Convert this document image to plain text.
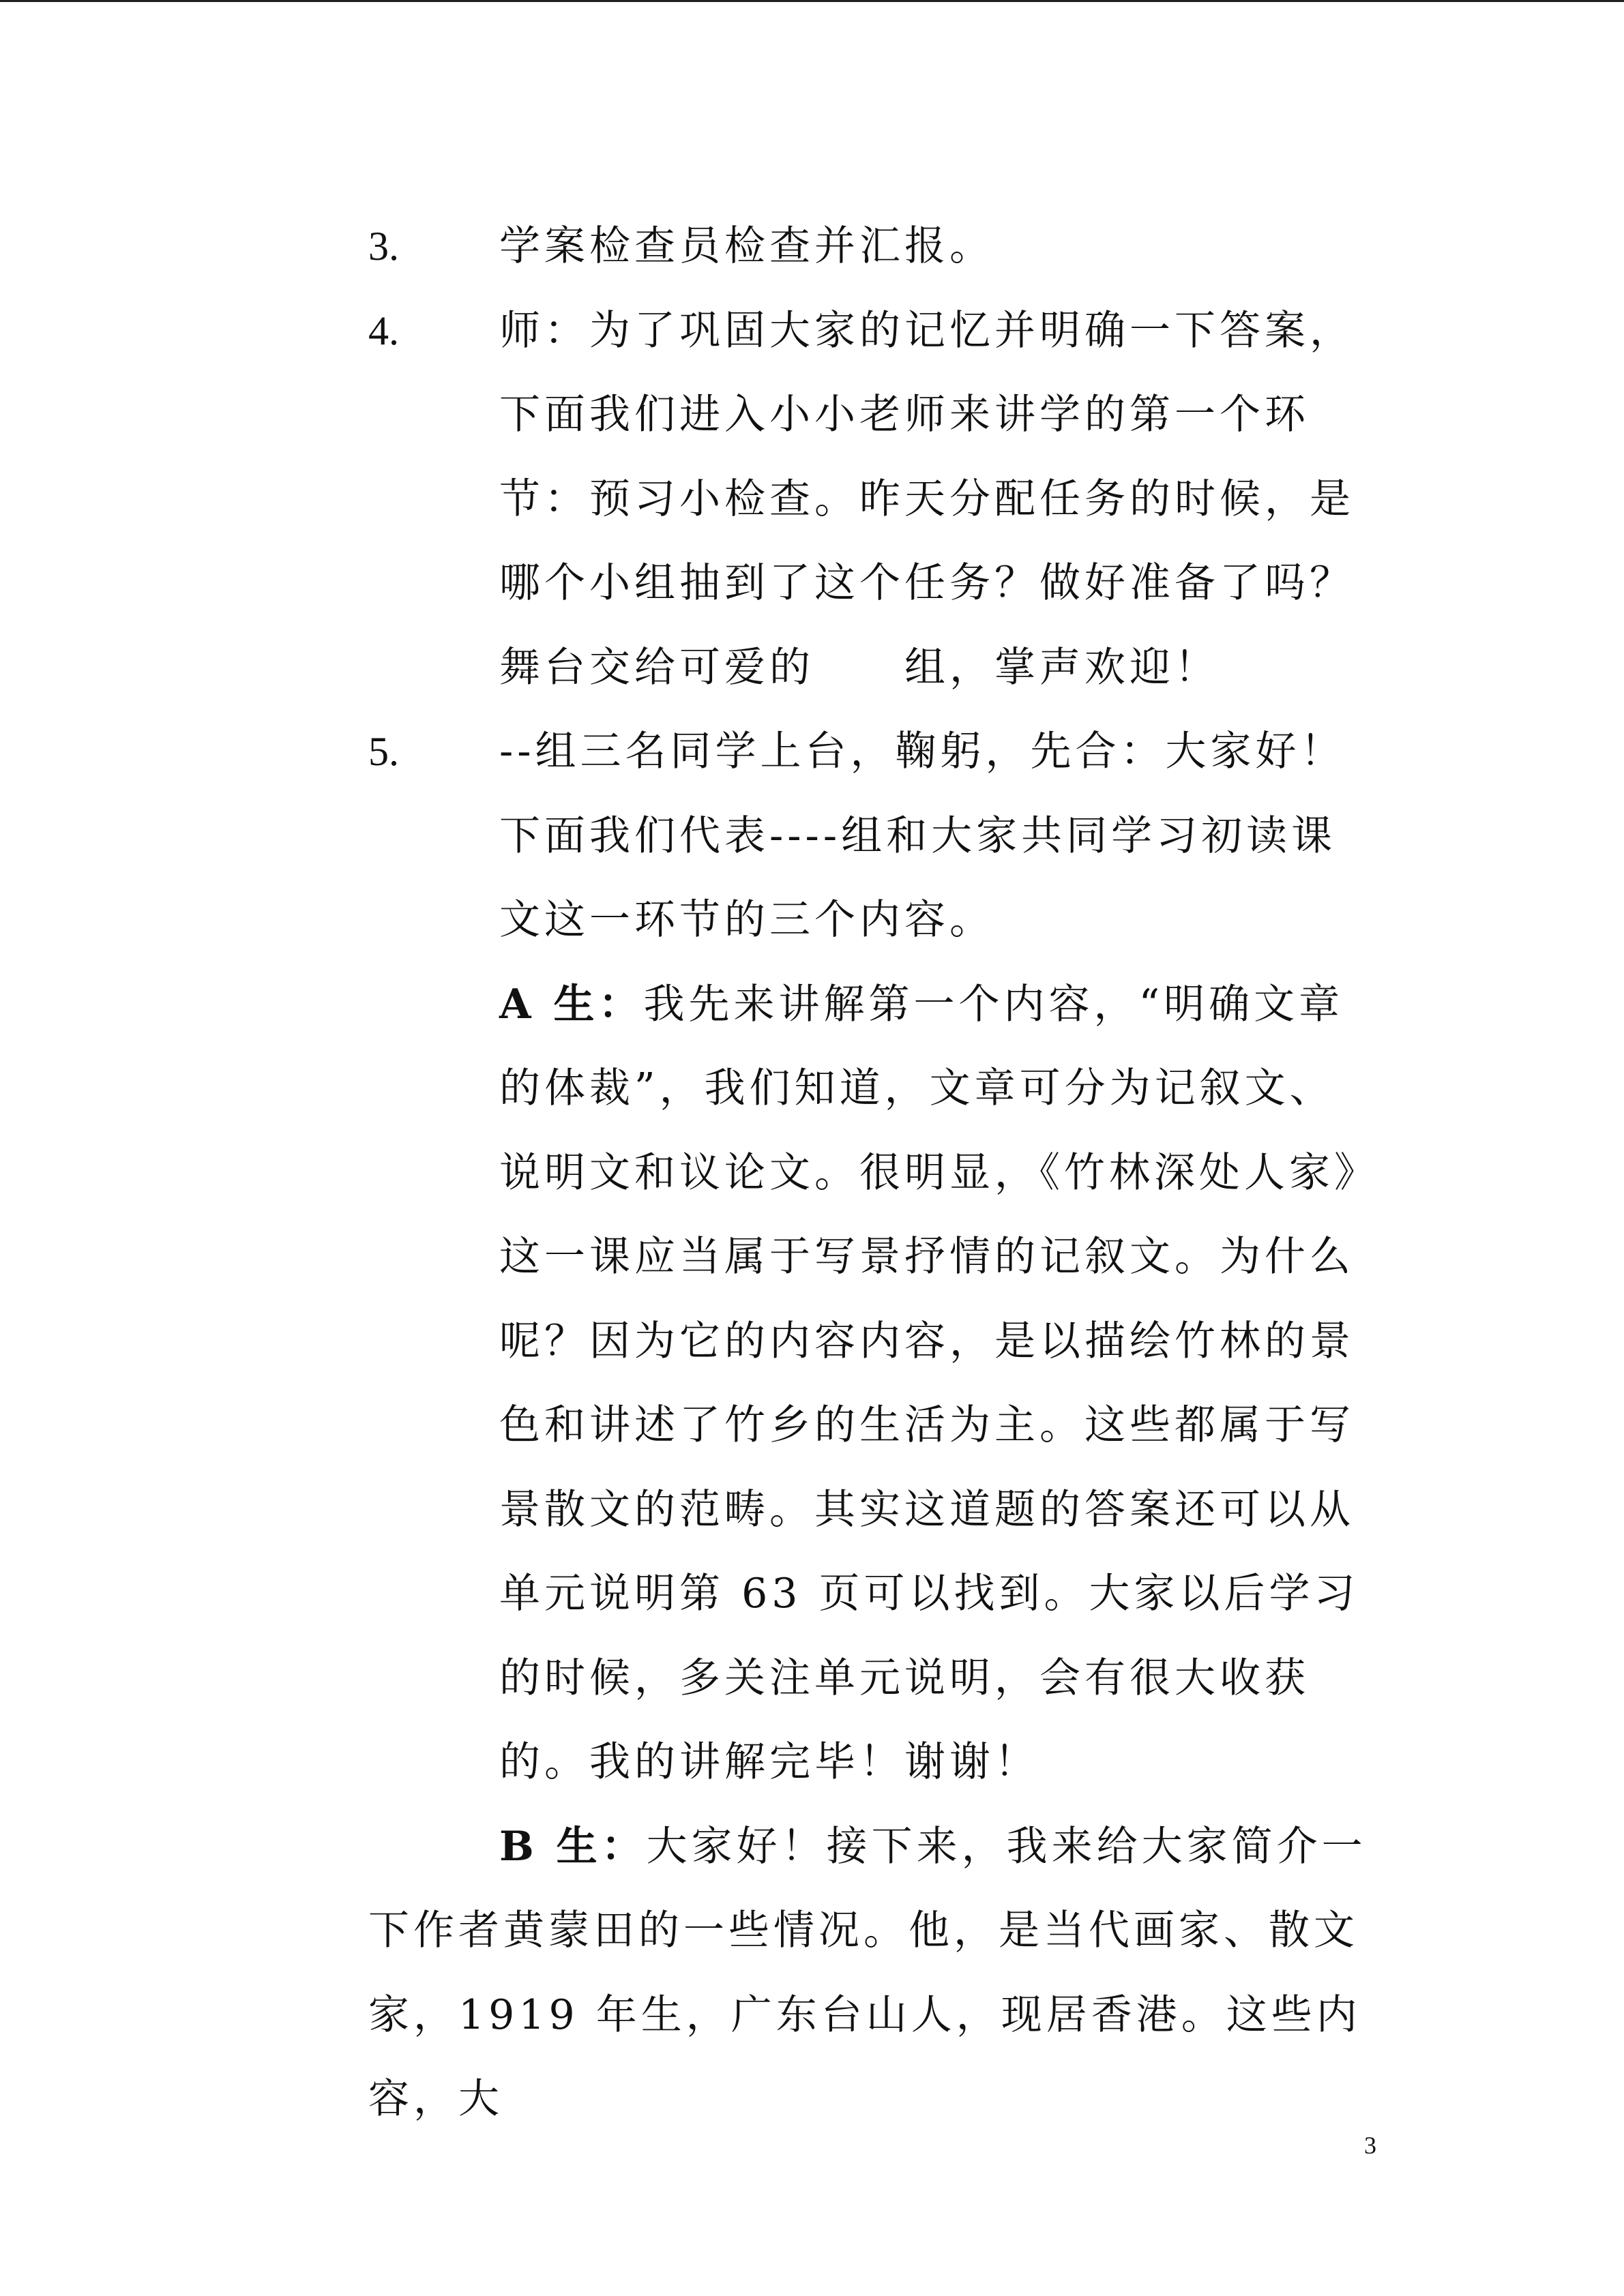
3. 学案检查员检查并汇报。
4. 师：为了巩固大家的记忆并明确一下答案，下面我们进入小小老师来讲学的第一个环节：预习小检查。昨天分配任务的时候，是哪个小组抽到了这个任务？做好准备了吗？舞台交给可爱的　　组，掌声欢迎！
5. --组三名同学上台，鞠躬，先合：大家好！下面我们代表----组和大家共同学习初读课文这一环节的三个内容。
A 生：我先来讲解第一个内容，“明确文章的体裁”，我们知道，文章可分为记叙文、说明文和议论文。很明显，《竹林深处人家》这一课应当属于写景抒情的记叙文。为什么呢？因为它的内容内容，是以描绘竹林的景色和讲述了竹乡的生活为主。这些都属于写景散文的范畴。其实这道题的答案还可以从单元说明第 63 页可以找到。大家以后学习的时候，多关注单元说明，会有很大收获的。我的讲解完毕！谢谢！
B 生：大家好！接下来，我来给大家简介一下作者黄蒙田的一些情况。他，是当代画家、散文家，1919 年生，广东台山人，现居香港。这些内容，大
3
